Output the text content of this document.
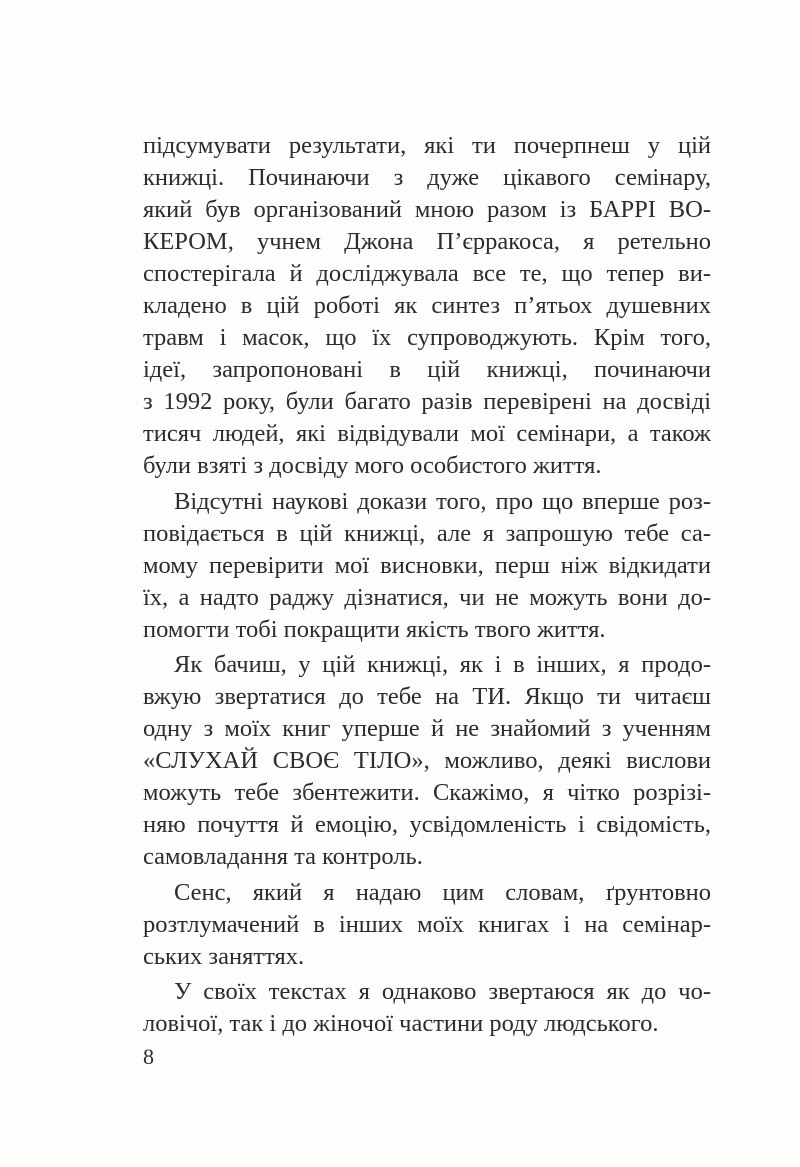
підсумувати результати, які ти почерпнеш у цій
книжці. Починаючи з дуже цікавого семінару,
який був організований мною разом із БАРРІ ВО-
КЕРОМ, учнем Джона П’єрракоса, я ретельно
спостерігала й досліджувала все те, що тепер ви-
кладено в цій роботі як синтез п’ятьох душевних
травм і масок, що їх супроводжують. Крім того,
ідеї, запропоновані в цій книжці, починаючи
з 1992 року, були багато разів перевірені на досвіді
тисяч людей, які відвідували мої семінари, а також
були взяті з досвіду мого особистого життя.
Відсутні наукові докази того, про що вперше роз-
повідається в цій книжці, але я запрошую тебе са-
мому перевірити мої висновки, перш ніж відкидати
їх, а надто раджу дізнатися, чи не можуть вони до-
помогти тобі покращити якість твого життя.
Як бачиш, у цій книжці, як і в інших, я продо-
вжую звертатися до тебе на ТИ. Якщо ти читаєш
одну з моїх книг уперше й не знайомий з ученням
«СЛУХАЙ СВОЄ ТІЛО», можливо, деякі вислови
можуть тебе збентежити. Скажімо, я чітко розрізі-
няю почуття й емоцію, усвідомленість і свідомість,
самовладання та контроль.
Сенс, який я надаю цим словам, ґрунтовно
розтлумачений в інших моїх книгах і на семінар-
ських заняттях.
У своїх текстах я однаково звертаюся як до чо-
ловічої, так і до жіночої частини роду людського.
8
